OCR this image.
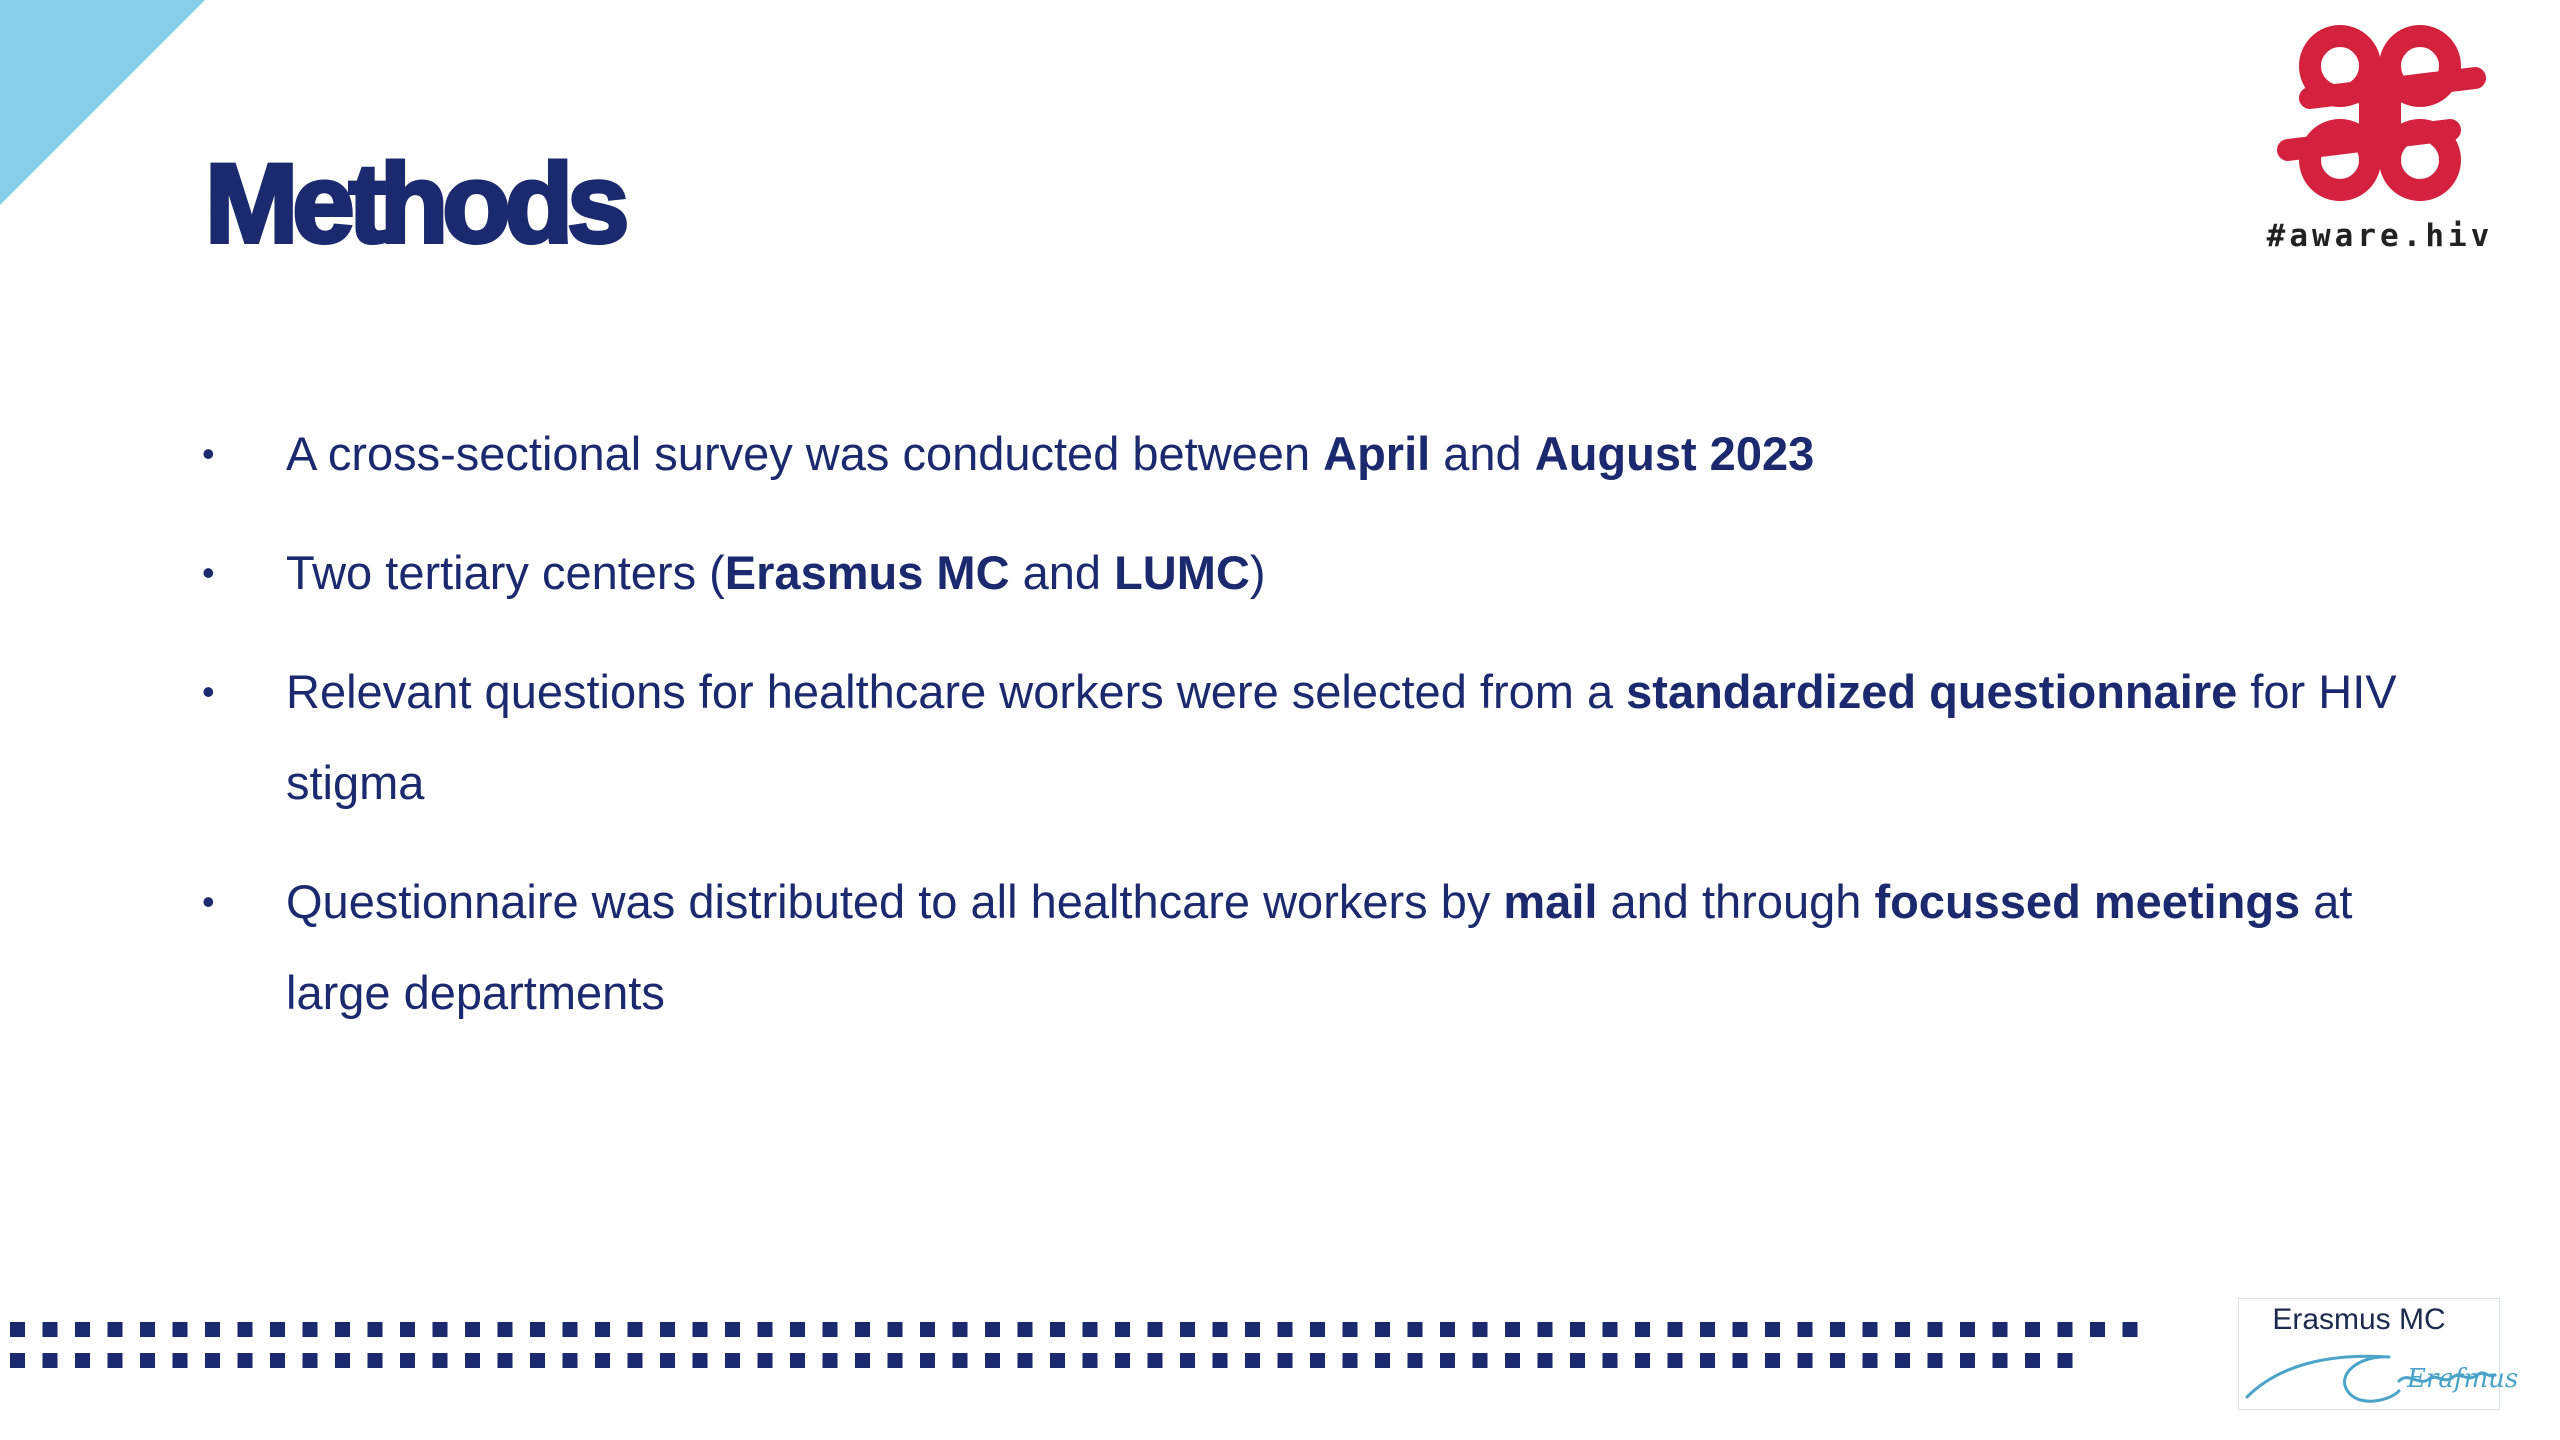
Methods	#aware.hiv
• A cross-sectional survey was conducted between April and August 2023
• Two tertiary centers (Erasmus MC and LUMC)
• Relevant questions for healthcare workers were selected from a standardized questionnaire for HIV stigma
• Questionnaire was distributed to all healthcare workers by mail and through focussed meetings at large departments
Erasmus MC
Erafmus
